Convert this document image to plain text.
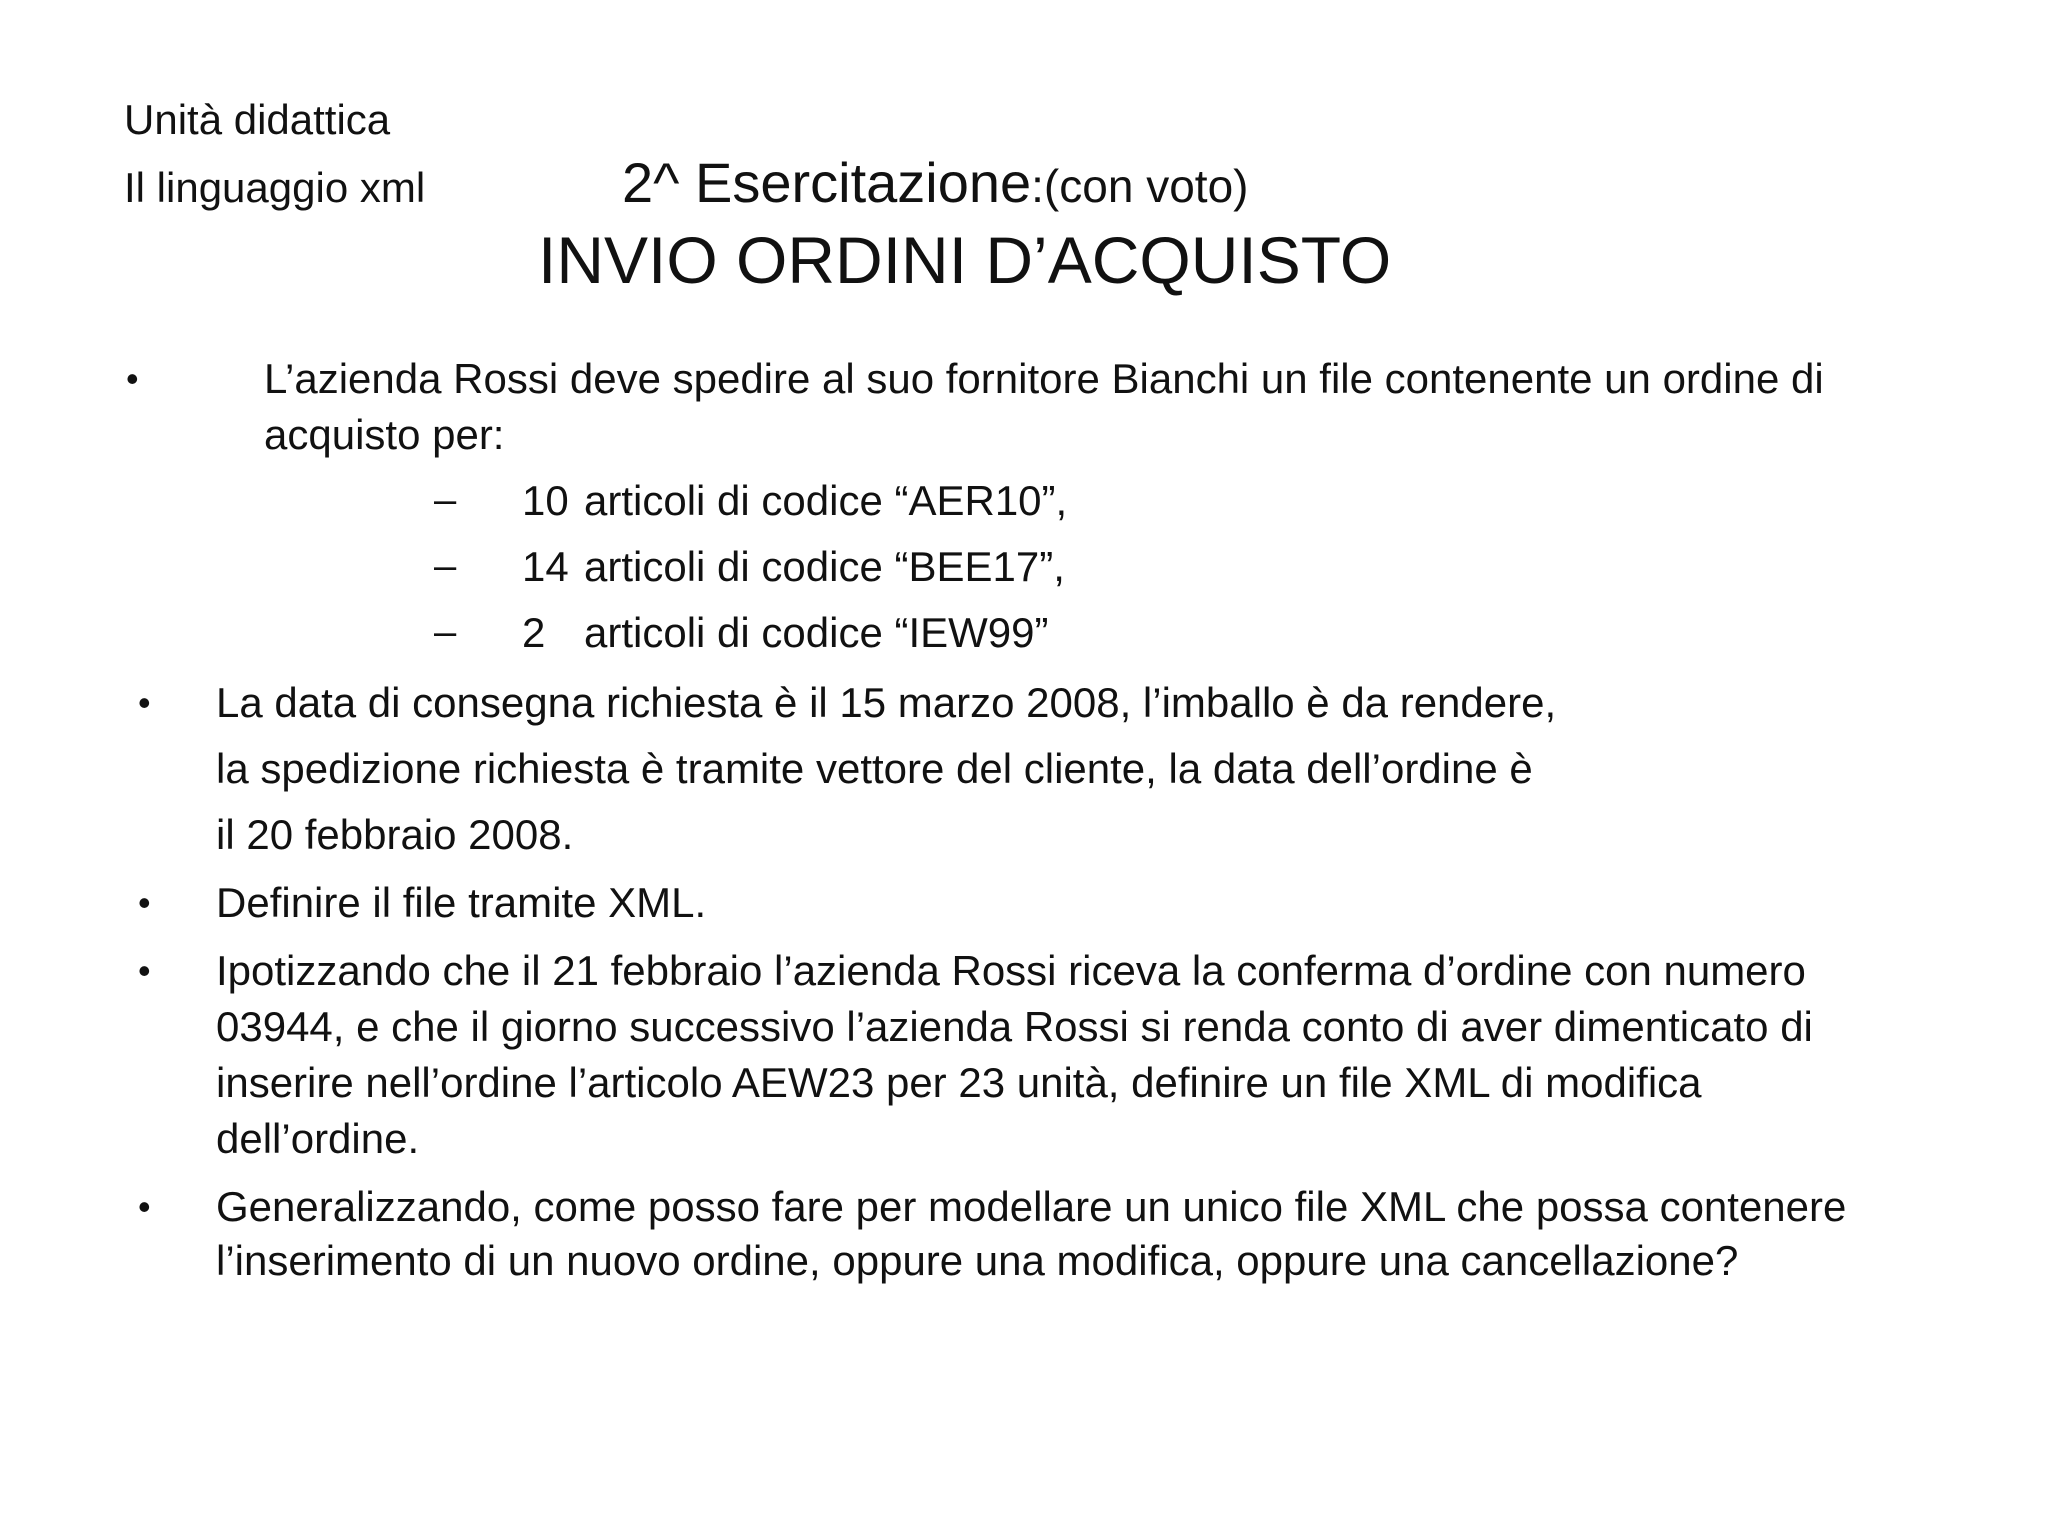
Unità didattica
Il linguaggio xml	2^ Esercitazione:(con voto)
INVIO ORDINI D’ACQUISTO
•	L’azienda Rossi deve spedire al suo fornitore Bianchi un file contenente un ordine di
acquisto per:
– 10 articoli di codice “AER10”,
– 14 articoli di codice “BEE17”,
– 2 articoli di codice “IEW99”
• La data di consegna richiesta è il 15 marzo 2008, l’imballo è da rendere,
la spedizione richiesta è tramite vettore del cliente, la data dell’ordine è
il 20 febbraio 2008.
• Definire il file tramite XML.
• Ipotizzando che il 21 febbraio l’azienda Rossi riceva la conferma d’ordine con numero
03944, e che il giorno successivo l’azienda Rossi si renda conto di aver dimenticato di
inserire nell’ordine l’articolo AEW23 per 23 unità, definire un file XML di modifica
dell’ordine.
• Generalizzando, come posso fare per modellare un unico file XML che possa contenere
l’inserimento di un nuovo ordine, oppure una modifica, oppure una cancellazione?
